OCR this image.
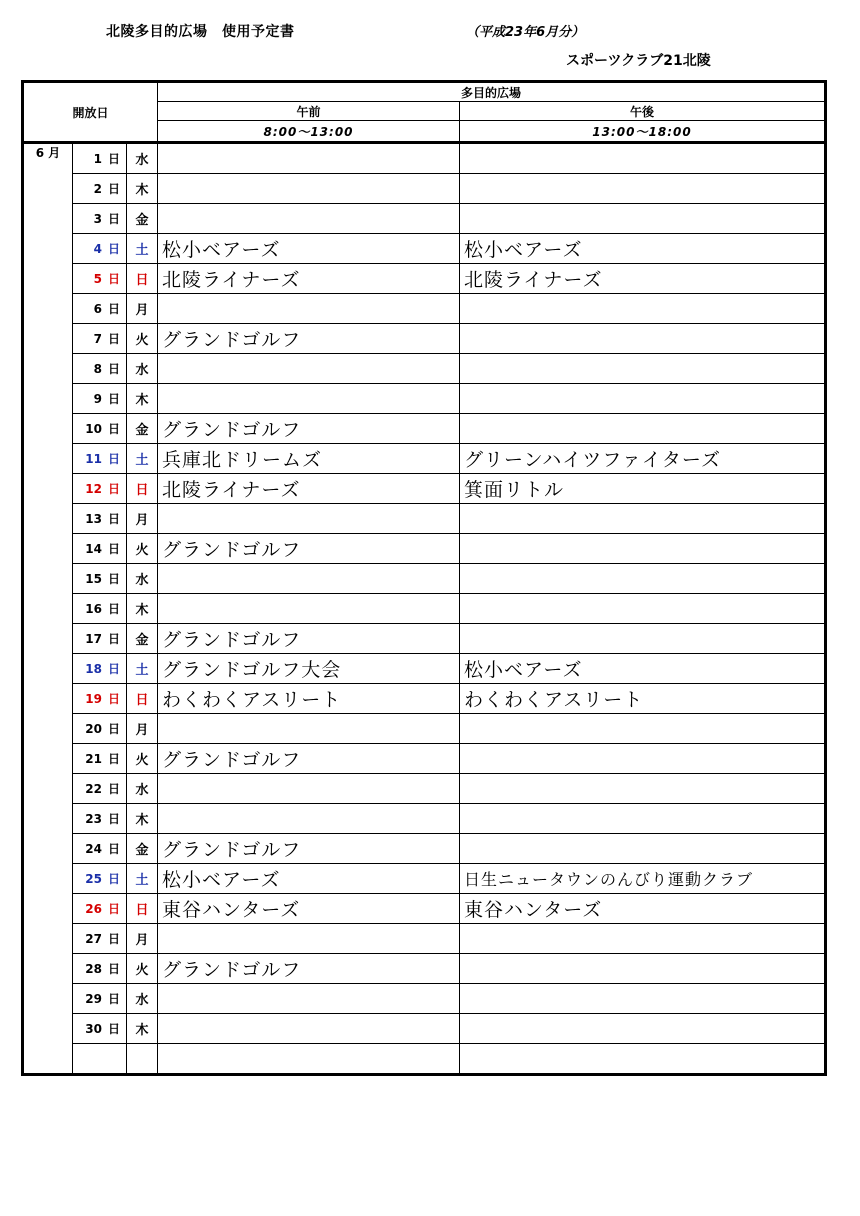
北陵多目的広場　使用予定書	（平成23年6月分）
スポーツクラブ21北陵
開放日			多目的広場	
			午前	午後
			8:00～13:00	13:00～18:00
6 月	1 日	水		
	2 日	木		
	3 日	金		
	4 日	土	松小ベアーズ	松小ベアーズ
	5 日	日	北陵ライナーズ	北陵ライナーズ
	6 日	月		
	7 日	火	グランドゴルフ	
	8 日	水		
	9 日	木		
	10 日	金	グランドゴルフ	
	11 日	土	兵庫北ドリームズ	グリーンハイツファイターズ
	12 日	日	北陵ライナーズ	箕面リトル
	13 日	月		
	14 日	火	グランドゴルフ	
	15 日	水		
	16 日	木		
	17 日	金	グランドゴルフ	
	18 日	土	グランドゴルフ大会	松小ベアーズ
	19 日	日	わくわくアスリート	わくわくアスリート
	20 日	月		
	21 日	火	グランドゴルフ	
	22 日	水		
	23 日	木		
	24 日	金	グランドゴルフ	
	25 日	土	松小ベアーズ	日生ニュータウンのんびり運動クラブ
	26 日	日	東谷ハンターズ	東谷ハンターズ
	27 日	月		
	28 日	火	グランドゴルフ	
	29 日	水		
	30 日	木		
